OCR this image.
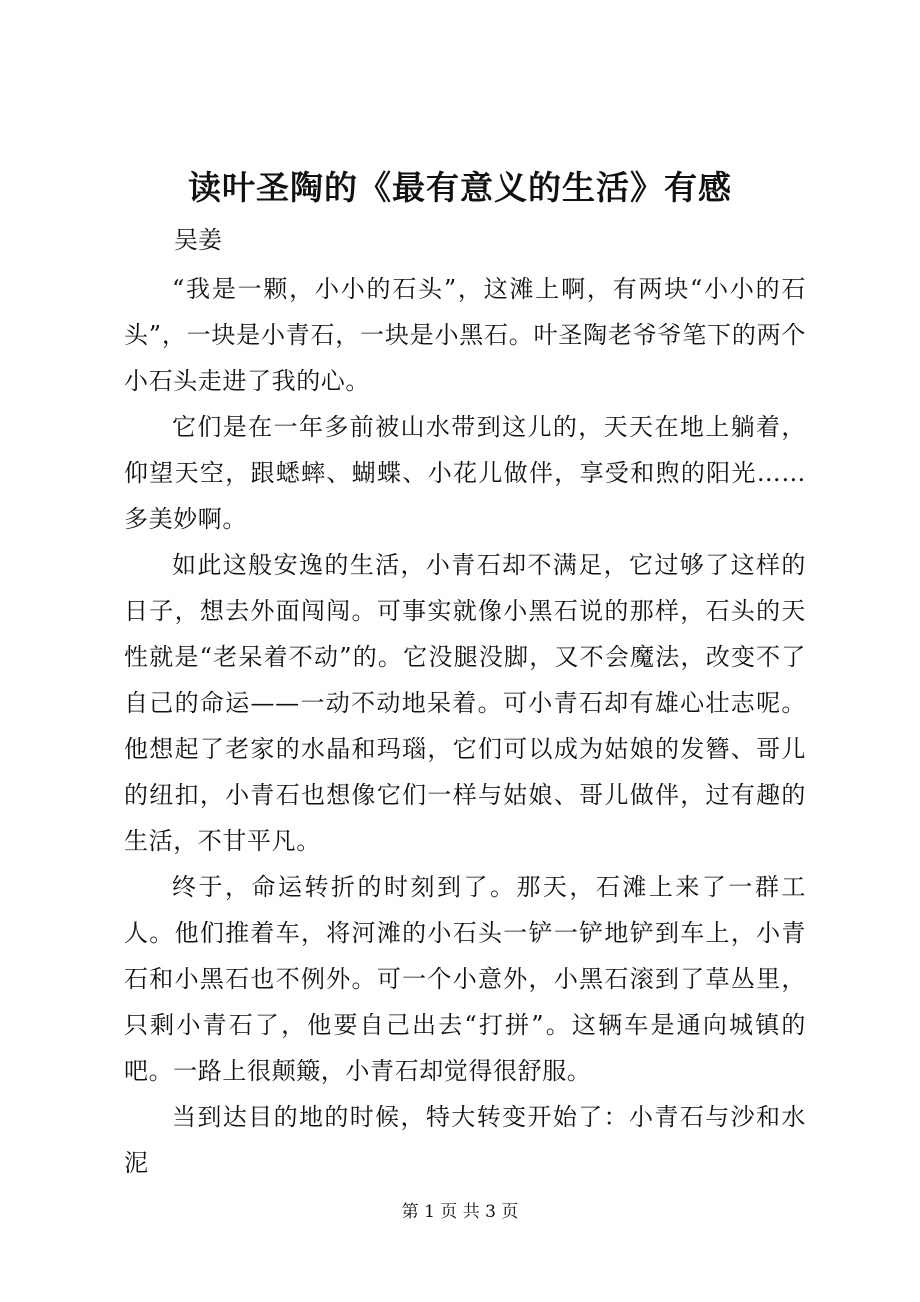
读叶圣陶的《最有意义的生活》有感

吴姜

“我是一颗，小小的石头”，这滩上啊，有两块“小小的石头”，一块是小青石，一块是小黑石。叶圣陶老爷爷笔下的两个小石头走进了我的心。

它们是在一年多前被山水带到这儿的，天天在地上躺着，仰望天空，跟蟋蟀、蝴蝶、小花儿做伴，享受和煦的阳光……多美妙啊。

如此这般安逸的生活，小青石却不满足，它过够了这样的日子，想去外面闯闯。可事实就像小黑石说的那样，石头的天性就是“老呆着不动”的。它没腿没脚，又不会魔法，改变不了自己的命运——一动不动地呆着。可小青石却有雄心壮志呢。他想起了老家的水晶和玛瑙，它们可以成为姑娘的发簪、哥儿的纽扣，小青石也想像它们一样与姑娘、哥儿做伴，过有趣的生活，不甘平凡。

终于，命运转折的时刻到了。那天，石滩上来了一群工人。他们推着车，将河滩的小石头一铲一铲地铲到车上，小青石和小黑石也不例外。可一个小意外，小黑石滚到了草丛里，只剩小青石了，他要自己出去“打拼”。这辆车是通向城镇的吧。一路上很颠簸，小青石却觉得很舒服。

当到达目的地的时候，特大转变开始了：小青石与沙和水泥

第 1 页 共 3 页
